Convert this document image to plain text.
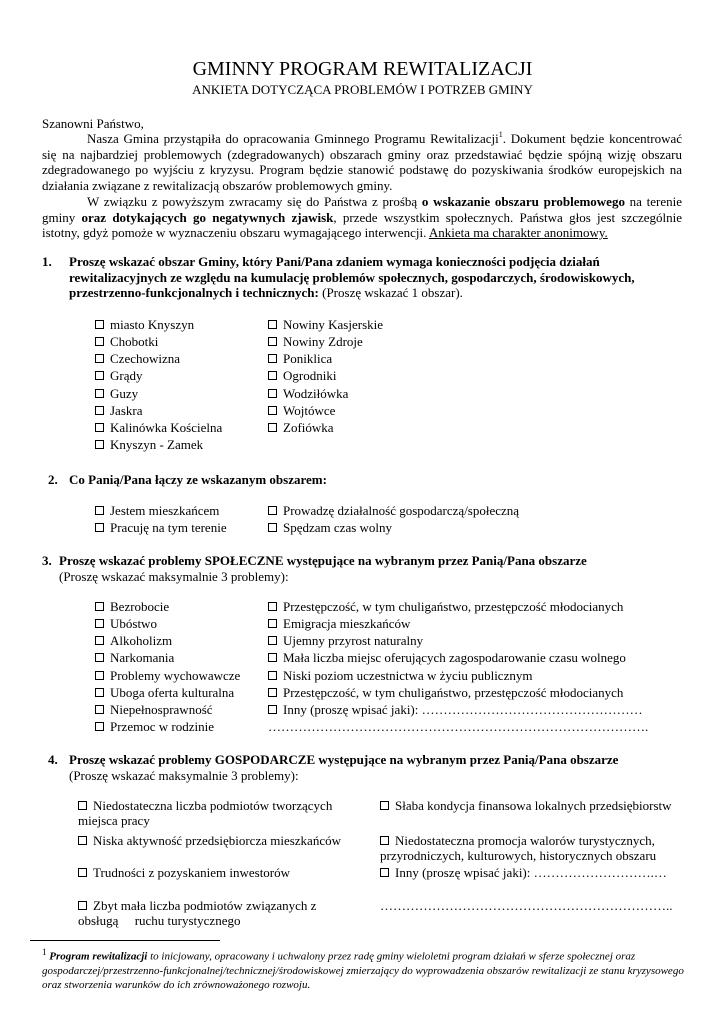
GMINNY PROGRAM REWITALIZACJI
ANKIETA DOTYCZĄCA PROBLEMÓW I POTRZEB GMINY
Szanowni Państwo,

Nasza Gmina przystąpiła do opracowania Gminnego Programu Rewitalizacji$^1$. Dokument będzie koncentrować się na najbardziej problemowych (zdegradowanych) obszarach gminy oraz przedstawiać będzie spójną wizję obszaru zdegradowanego po wyjściu z kryzysu. Program będzie stanowić podstawę do pozyskiwania środków europejskich na działania związane z rewitalizacją obszarów problemowych gminy.

W związku z powyższym zwracamy się do Państwa z prośbą o wskazanie obszaru problemowego na terenie gminy oraz dotykających go negatywnych zjawisk, przede wszystkim społecznych. Państwa głos jest szczególnie istotny, gdyż pomoże w wyznaczeniu obszaru wymagającego interwencji. Ankieta ma charakter anonimowy.

1. Proszę wskazać obszar Gminy, który Pani/Pana zdaniem wymaga konieczności podjęcia działań rewitalizacyjnych ze względu na kumulację problemów społecznych, gospodarczych, środowiskowych, przestrzenno-funkcjonalnych i technicznych: (Proszę wskazać 1 obszar).
miasto Knyszyn
Chobotki
Czechowizna
Grądy
Guzy
Jaskra
Kalinówka Kościelna
Knyszyn - Zamek
Nowiny Kasjerskie
Nowiny Zdroje
Poniklica
Ogrodniki
Wodziłówka
Wojtówce
Zofiówka
2. Co Panią/Pana łączy ze wskazanym obszarem:
Jestem mieszkańcem
Pracuję na tym terenie
Prowadzę działalność gospodarczą/społeczną
Spędzam czas wolny
3. Proszę wskazać problemy SPOŁECZNE występujące na wybranym przez Panią/Pana obszarze
(Proszę wskazać maksymalnie 3 problemy):
Bezrobocie
Ubóstwo
Alkoholizm
Narkomania
Problemy wychowawcze
Uboga oferta kulturalna
Niepełnosprawność
Przemoc w rodzinie
Przestępczość, w tym chuligaństwo, przestępczość młodocianych
Emigracja mieszkańców
Ujemny przyrost naturalny
Mała liczba miejsc oferujących zagospodarowanie czasu wolnego
Niski poziom uczestnictwa w życiu publicznym
Przestępczość, w tym chuligaństwo, przestępczość młodocianych
Inny (proszę wpisać jaki): ……………………………………………
…………………………………………………………………………….
4. Proszę wskazać problemy GOSPODARCZE występujące na wybranym przez Panią/Pana obszarze
(Proszę wskazać maksymalnie 3 problemy):
Niedostateczna liczba podmiotów tworzących miejsca pracy
Niska aktywność przedsiębiorcza mieszkańców
Trudności z pozyskaniem inwestorów
Zbyt mała liczba podmiotów związanych z obsługą     ruchu turystycznego
Słaba kondycja finansowa lokalnych przedsiębiorstw
Niedostateczna promocja walorów turystycznych, przyrodniczych, kulturowych, historycznych obszaru
Inny (proszę wpisać jaki): ……………………….…
…………………………………………………………..
$^1$ Program rewitalizacji to inicjowany, opracowany i uchwalony przez radę gminy wieloletni program działań w sferze społecznej oraz gospodarczej/przestrzenno-funkcjonalnej/technicznej/środowiskowej zmierzający do wyprowadzenia obszarów rewitalizacji ze stanu kryzysowego oraz stworzenia warunków do ich zrównoważonego rozwoju.
